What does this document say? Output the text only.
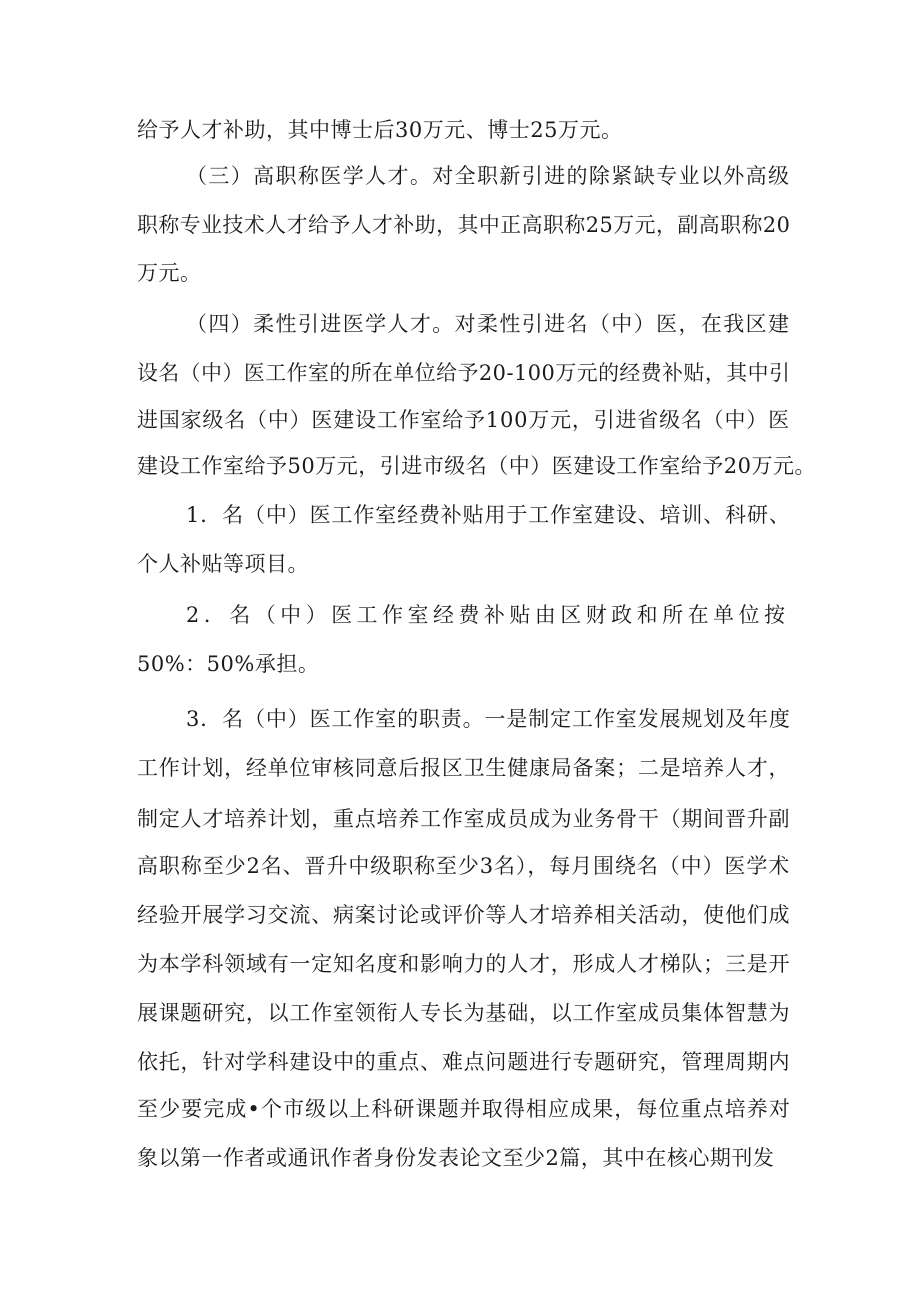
给予人才补助，其中博士后30万元、博士25万元。
（三）高职称医学人才。对全职新引进的除紧缺专业以外高级
职称专业技术人才给予人才补助，其中正高职称25万元，副高职称20
万元。
（四）柔性引进医学人才。对柔性引进名（中）医，在我区建
设名（中）医工作室的所在单位给予20-100万元的经费补贴，其中引
进国家级名（中）医建设工作室给予100万元，引进省级名（中）医
建设工作室给予50万元，引进市级名（中）医建设工作室给予20万元。
1．名（中）医工作室经费补贴用于工作室建设、培训、科研、
个人补贴等项目。
2．名（中）医工作室经费补贴由区财政和所在单位按
50%：50%承担。
3．名（中）医工作室的职责。一是制定工作室发展规划及年度
工作计划，经单位审核同意后报区卫生健康局备案；二是培养人才，
制定人才培养计划，重点培养工作室成员成为业务骨干（期间晋升副
高职称至少2名、晋升中级职称至少3名），每月围绕名（中）医学术
经验开展学习交流、病案讨论或评价等人才培养相关活动，使他们成
为本学科领域有一定知名度和影响力的人才，形成人才梯队；三是开
展课题研究，以工作室领衔人专长为基础，以工作室成员集体智慧为
依托，针对学科建设中的重点、难点问题进行专题研究，管理周期内
至少要完成•个市级以上科研课题并取得相应成果，每位重点培养对
象以第一作者或通讯作者身份发表论文至少2篇，其中在核心期刊发
